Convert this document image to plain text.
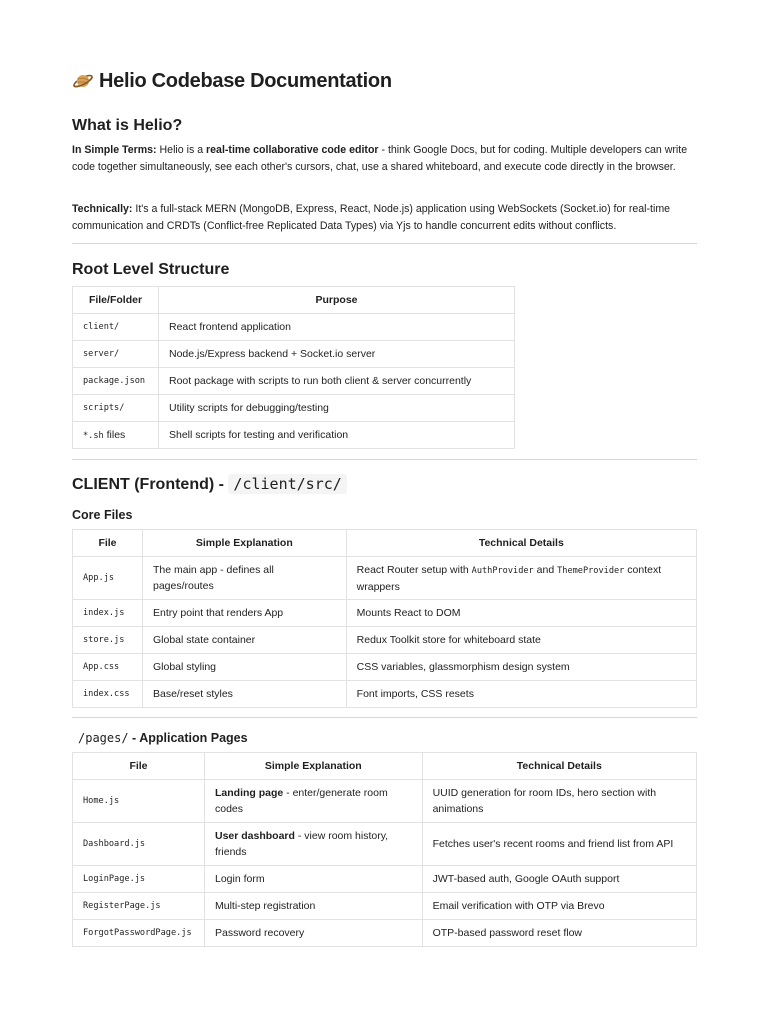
Helio Codebase Documentation
What is Helio?

In Simple Terms: Helio is a real-time collaborative code editor - think Google Docs, but for coding. Multiple developers can write code together simultaneously, see each other's cursors, chat, use a shared whiteboard, and execute code directly in the browser.

Technically: It's a full-stack MERN (MongoDB, Express, React, Node.js) application using WebSockets (Socket.io) for real-time communication and CRDTs (Conflict-free Replicated Data Types) via Yjs to handle concurrent edits without conflicts.

Root Level Structure
File/Folder	Purpose
client/	React frontend application
server/	Node.js/Express backend + Socket.io server
package.json	Root package with scripts to run both client & server concurrently
scripts/	Utility scripts for debugging/testing
*.sh files	Shell scripts for testing and verification
CLIENT (Frontend) - /client/src/
Core Files
File	Simple Explanation	Technical Details
App.js	The main app - defines all pages/routes	React Router setup with AuthProvider and ThemeProvider context wrappers
index.js	Entry point that renders App	Mounts React to DOM
store.js	Global state container	Redux Toolkit store for whiteboard state
App.css	Global styling	CSS variables, glassmorphism design system
index.css	Base/reset styles	Font imports, CSS resets
/pages/ - Application Pages
File	Simple Explanation	Technical Details
Home.js	Landing page - enter/generate room codes	UUID generation for room IDs, hero section with animations
Dashboard.js	User dashboard - view room history, friends	Fetches user's recent rooms and friend list from API
LoginPage.js	Login form	JWT-based auth, Google OAuth support
RegisterPage.js	Multi-step registration	Email verification with OTP via Brevo
ForgotPasswordPage.js	Password recovery	OTP-based password reset flow
